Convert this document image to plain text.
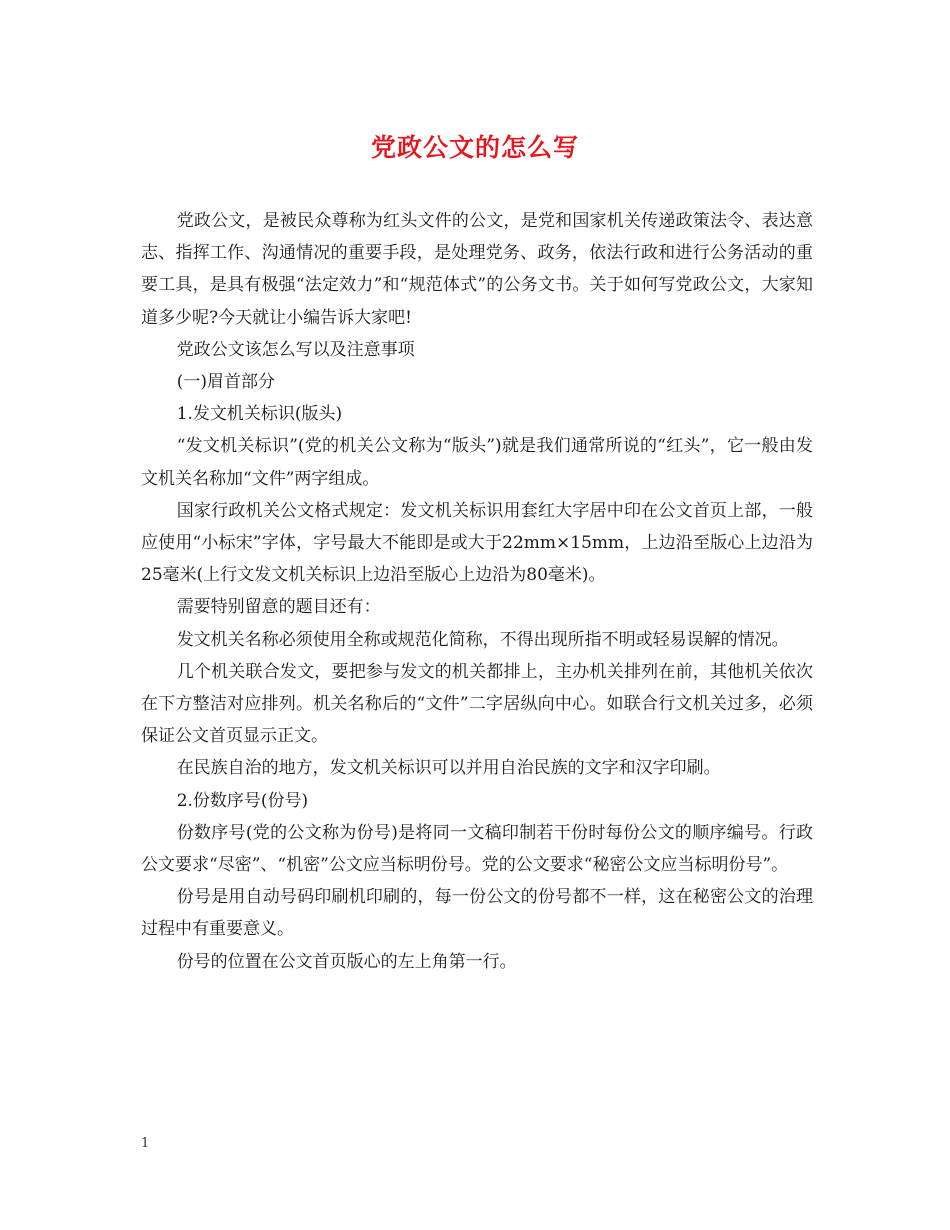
党政公文的怎么写

党政公文，是被民众尊称为红头文件的公文，是党和国家机关传递政策法令、表达意志、指挥工作、沟通情况的重要手段，是处理党务、政务，依法行政和进行公务活动的重要工具，是具有极强“法定效力”和“规范体式”的公务文书。关于如何写党政公文，大家知道多少呢?今天就让小编告诉大家吧!

党政公文该怎么写以及注意事项

(一)眉首部分

1.发文机关标识(版头)

“发文机关标识”(党的机关公文称为“版头”)就是我们通常所说的“红头”，它一般由发文机关名称加“文件”两字组成。

国家行政机关公文格式规定：发文机关标识用套红大字居中印在公文首页上部，一般应使用“小标宋”字体，字号最大不能即是或大于22mm×15mm，上边沿至版心上边沿为25毫米(上行文发文机关标识上边沿至版心上边沿为80毫米)。

需要特别留意的题目还有：

发文机关名称必须使用全称或规范化简称，不得出现所指不明或轻易误解的情况。

几个机关联合发文，要把参与发文的机关都排上，主办机关排列在前，其他机关依次在下方整洁对应排列。机关名称后的“文件”二字居纵向中心。如联合行文机关过多，必须保证公文首页显示正文。

在民族自治的地方，发文机关标识可以并用自治民族的文字和汉字印刷。

2.份数序号(份号)

份数序号(党的公文称为份号)是将同一文稿印制若干份时每份公文的顺序编号。行政公文要求“尽密”、“机密”公文应当标明份号。党的公文要求“秘密公文应当标明份号”。

份号是用自动号码印刷机印刷的，每一份公文的份号都不一样，这在秘密公文的治理过程中有重要意义。

份号的位置在公文首页版心的左上角第一行。

1
